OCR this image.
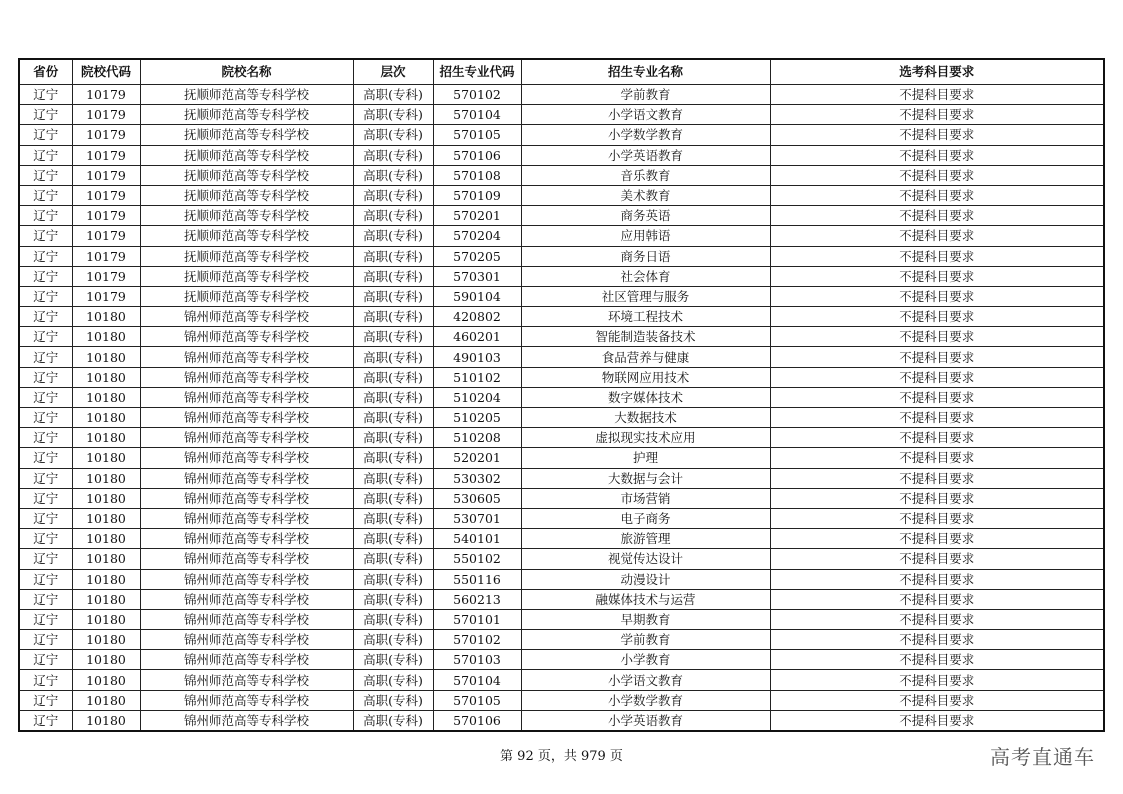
省份	院校代码	院校名称	层次	招生专业代码	招生专业名称	选考科目要求
辽宁	10179	抚顺师范高等专科学校	高职(专科)	570102	学前教育	不提科目要求
辽宁	10179	抚顺师范高等专科学校	高职(专科)	570104	小学语文教育	不提科目要求
辽宁	10179	抚顺师范高等专科学校	高职(专科)	570105	小学数学教育	不提科目要求
辽宁	10179	抚顺师范高等专科学校	高职(专科)	570106	小学英语教育	不提科目要求
辽宁	10179	抚顺师范高等专科学校	高职(专科)	570108	音乐教育	不提科目要求
辽宁	10179	抚顺师范高等专科学校	高职(专科)	570109	美术教育	不提科目要求
辽宁	10179	抚顺师范高等专科学校	高职(专科)	570201	商务英语	不提科目要求
辽宁	10179	抚顺师范高等专科学校	高职(专科)	570204	应用韩语	不提科目要求
辽宁	10179	抚顺师范高等专科学校	高职(专科)	570205	商务日语	不提科目要求
辽宁	10179	抚顺师范高等专科学校	高职(专科)	570301	社会体育	不提科目要求
辽宁	10179	抚顺师范高等专科学校	高职(专科)	590104	社区管理与服务	不提科目要求
辽宁	10180	锦州师范高等专科学校	高职(专科)	420802	环境工程技术	不提科目要求
辽宁	10180	锦州师范高等专科学校	高职(专科)	460201	智能制造装备技术	不提科目要求
辽宁	10180	锦州师范高等专科学校	高职(专科)	490103	食品营养与健康	不提科目要求
辽宁	10180	锦州师范高等专科学校	高职(专科)	510102	物联网应用技术	不提科目要求
辽宁	10180	锦州师范高等专科学校	高职(专科)	510204	数字媒体技术	不提科目要求
辽宁	10180	锦州师范高等专科学校	高职(专科)	510205	大数据技术	不提科目要求
辽宁	10180	锦州师范高等专科学校	高职(专科)	510208	虚拟现实技术应用	不提科目要求
辽宁	10180	锦州师范高等专科学校	高职(专科)	520201	护理	不提科目要求
辽宁	10180	锦州师范高等专科学校	高职(专科)	530302	大数据与会计	不提科目要求
辽宁	10180	锦州师范高等专科学校	高职(专科)	530605	市场营销	不提科目要求
辽宁	10180	锦州师范高等专科学校	高职(专科)	530701	电子商务	不提科目要求
辽宁	10180	锦州师范高等专科学校	高职(专科)	540101	旅游管理	不提科目要求
辽宁	10180	锦州师范高等专科学校	高职(专科)	550102	视觉传达设计	不提科目要求
辽宁	10180	锦州师范高等专科学校	高职(专科)	550116	动漫设计	不提科目要求
辽宁	10180	锦州师范高等专科学校	高职(专科)	560213	融媒体技术与运营	不提科目要求
辽宁	10180	锦州师范高等专科学校	高职(专科)	570101	早期教育	不提科目要求
辽宁	10180	锦州师范高等专科学校	高职(专科)	570102	学前教育	不提科目要求
辽宁	10180	锦州师范高等专科学校	高职(专科)	570103	小学教育	不提科目要求
辽宁	10180	锦州师范高等专科学校	高职(专科)	570104	小学语文教育	不提科目要求
辽宁	10180	锦州师范高等专科学校	高职(专科)	570105	小学数学教育	不提科目要求
辽宁	10180	锦州师范高等专科学校	高职(专科)	570106	小学英语教育	不提科目要求
第 92 页，共 979 页	高考直通车
